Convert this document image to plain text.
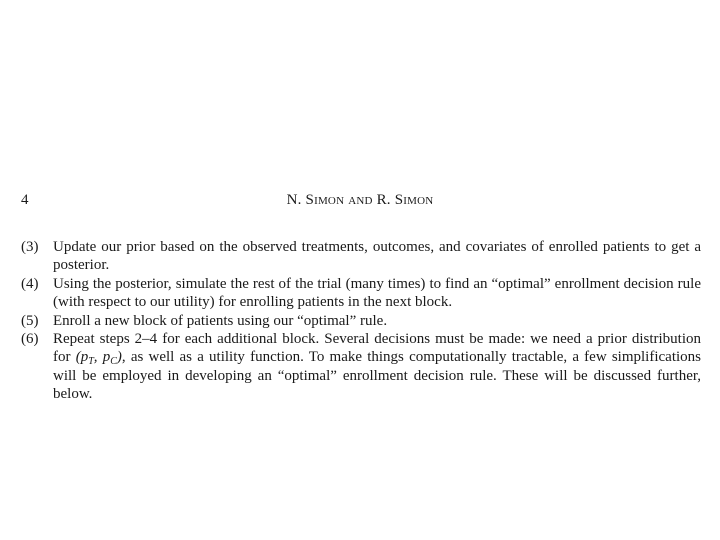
4	N. Simon and R. Simon
(3) Update our prior based on the observed treatments, outcomes, and covariates of enrolled patients to get a posterior.
(4) Using the posterior, simulate the rest of the trial (many times) to find an “optimal” enrollment decision rule (with respect to our utility) for enrolling patients in the next block.
(5) Enroll a new block of patients using our “optimal” rule.
(6) Repeat steps 2–4 for each additional block. Several decisions must be made: we need a prior distribution for ($p_T$, $p_C$), as well as a utility function. To make things computationally tractable, a few simplifications will be employed in developing an “optimal” enrollment decision rule. These will be discussed further, below.
